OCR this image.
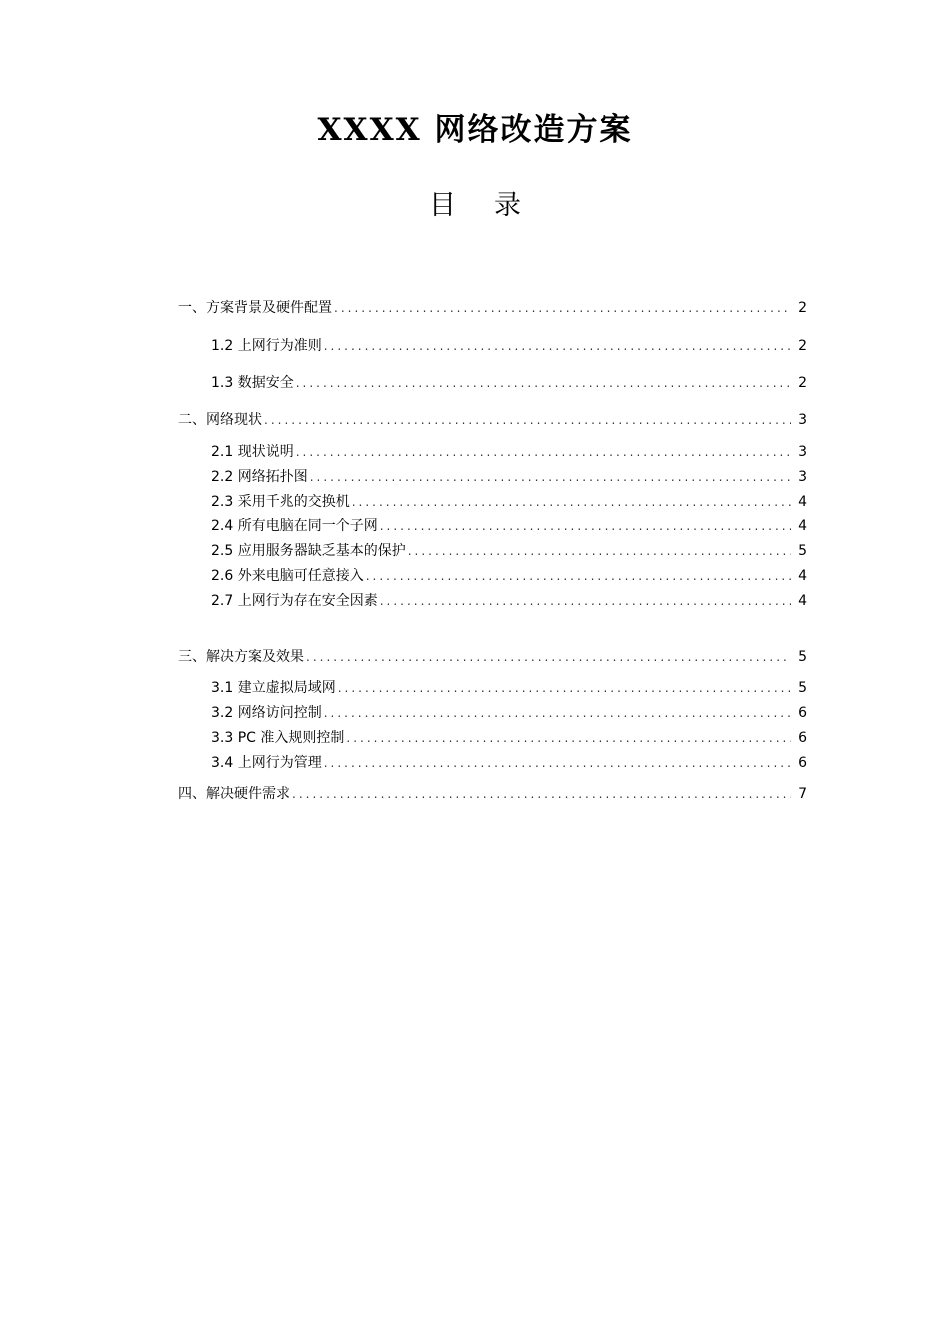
XXXX 网络改造方案
目 录
一、方案背景及硬件配置 .....	2
1.2 上网行为准则 .....	2
1.3 数据安全 .....	2
二、网络现状 .....	3
2.1 现状说明 .....	3
2.2 网络拓扑图 .....	3
2.3 采用千兆的交换机 .....	4
2.4 所有电脑在同一个子网 .....	4
2.5 应用服务器缺乏基本的保护 .....	5
2.6 外来电脑可任意接入 .....	4
2.7 上网行为存在安全因素 .....	4
三、解决方案及效果 .....	5
3.1 建立虚拟局域网 .....	5
3.2 网络访问控制 .....	6
3.3 PC 准入规则控制 .....	6
3.4 上网行为管理 .....	6
四、解决硬件需求 .....	7
